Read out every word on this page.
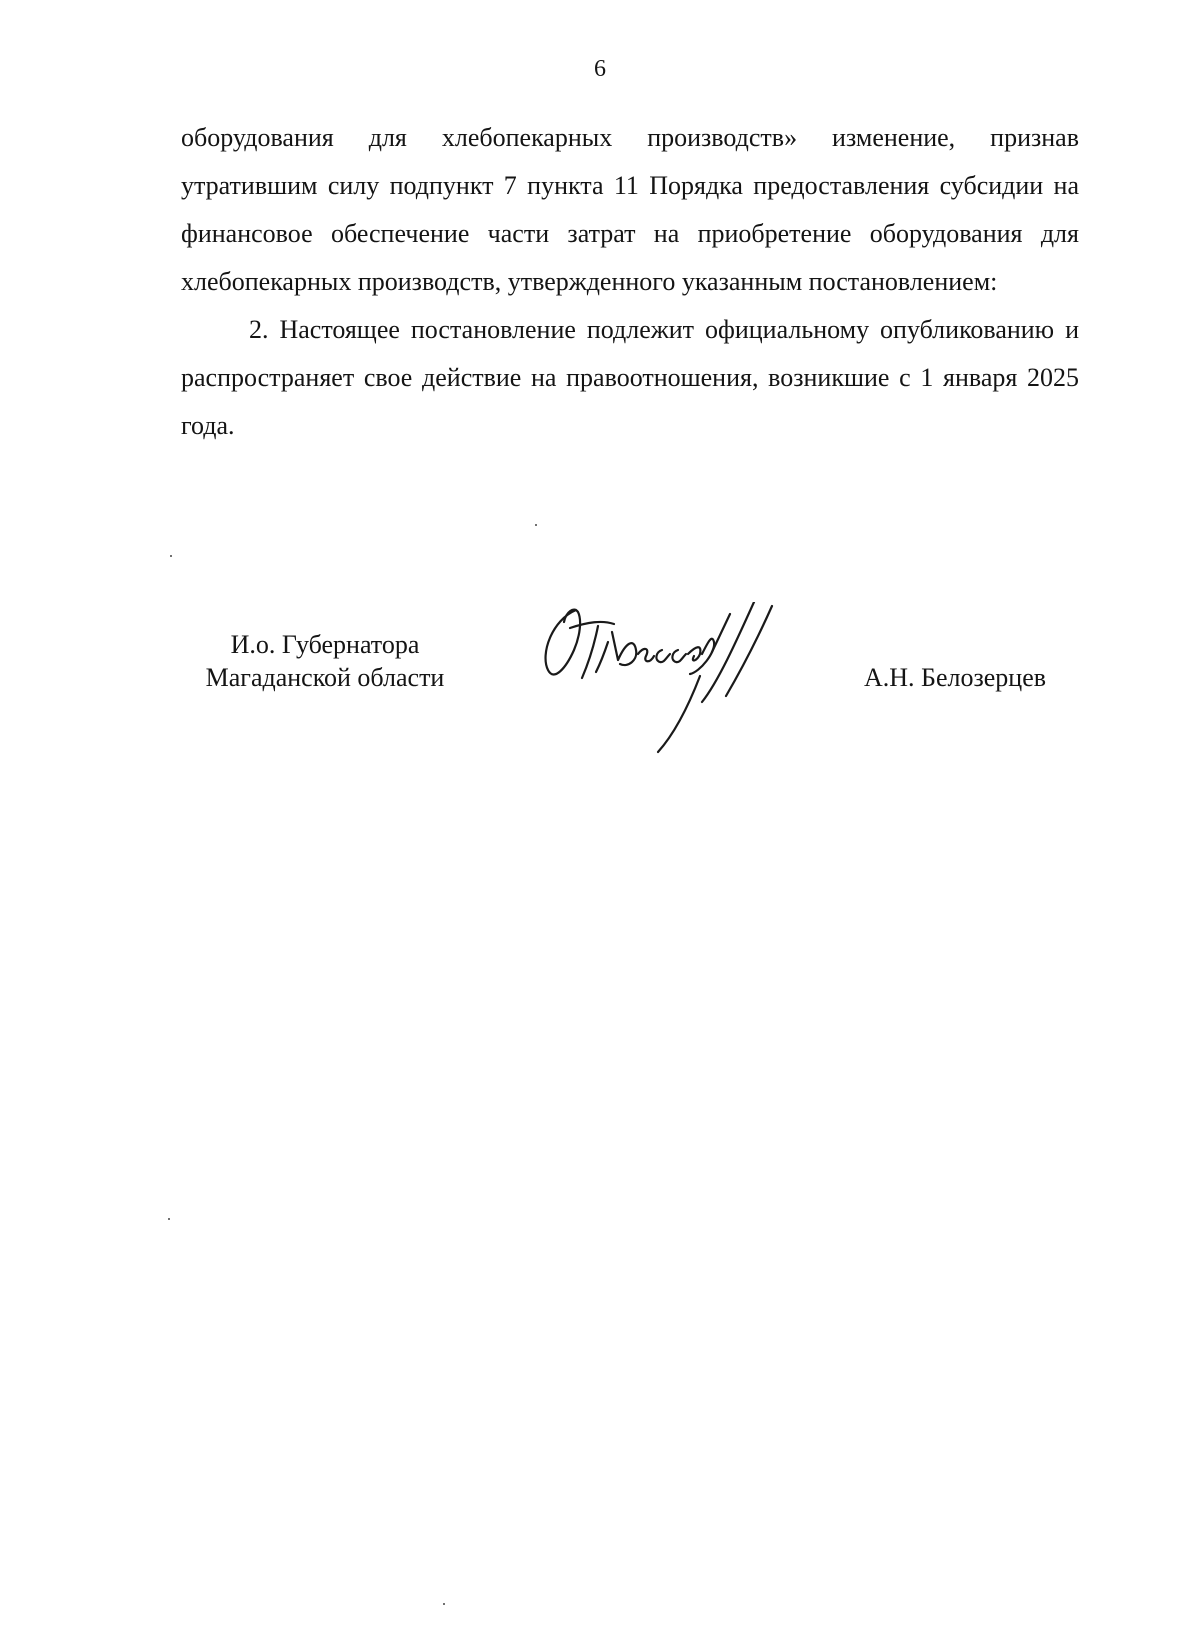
6

оборудования для хлебопекарных производств» изменение, признав утратившим силу подпункт 7 пункта 11 Порядка предоставления субсидии на финансовое обеспечение части затрат на приобретение оборудования для хлебопекарных производств, утвержденного указанным постановлением:

2. Настоящее постановление подлежит официальному опубликованию и распространяет свое действие на правоотношения, возникшие с 1 января 2025 года.

И.о. Губернатора
Магаданской области	А.Н. Белозерцев
